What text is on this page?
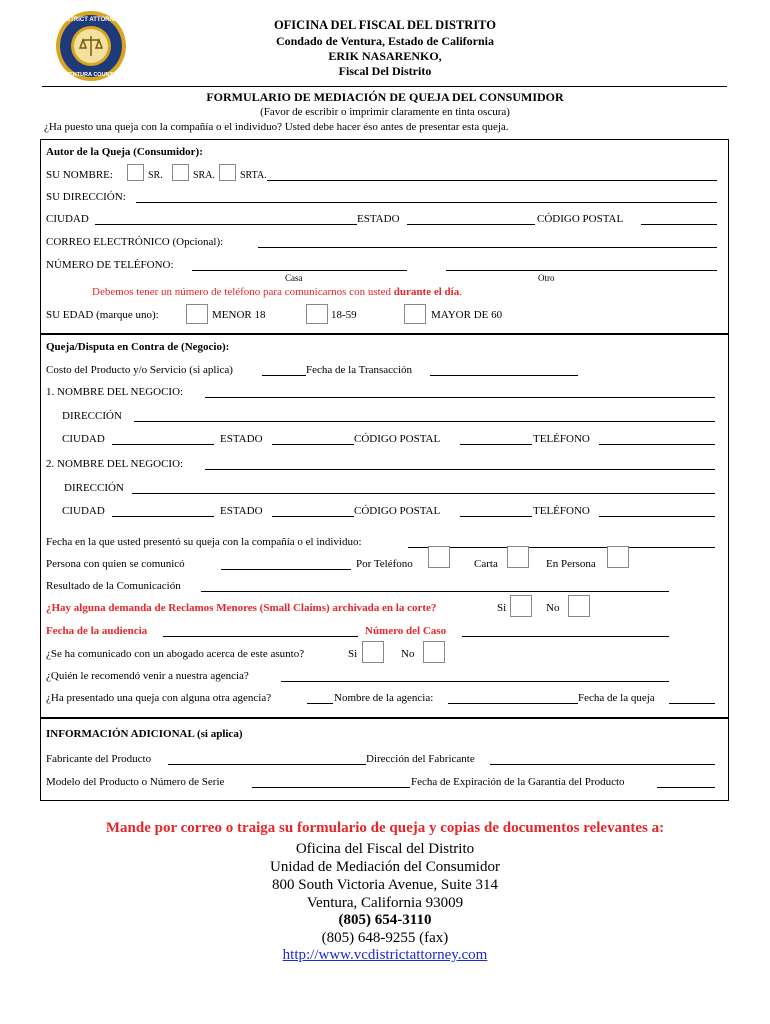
DISTRICT ATTORNEY
VENTURA COUNTY
OFICINA DEL FISCAL DEL DISTRITO
Condado de Ventura, Estado de California
ERIK NASARENKO,
Fiscal Del Distrito
FORMULARIO DE MEDIACIÓN DE QUEJA DEL CONSUMIDOR
(Favor de escribir o imprimir claramente en tinta oscura)
¿Ha puesto una queja con la compañía o el individuo? Usted debe hacer éso antes de presentar esta queja.
Autor de la Queja (Consumidor):
SU NOMBRE:	SR.	SRA.	SRTA.
SU DIRECCIÓN:
CIUDAD	ESTADO	CÓDIGO POSTAL
CORREO ELECTRÓNICO (Opcional):
NÚMERO DE TELÉFONO:
Casa	Otro
Debemos tener un número de teléfono para comunicarnos con usted durante el día.
SU EDAD (marque uno):	MENOR 18	18-59	MAYOR DE 60
Queja/Disputa en Contra de (Negocio):
Costo del Producto y/o Servicio (si aplica)	Fecha de la Transacción
1. NOMBRE DEL NEGOCIO:
DIRECCIÓN
CIUDAD	ESTADO	CÓDIGO POSTAL	TELÉFONO
2. NOMBRE DEL NEGOCIO:
DIRECCIÓN
CIUDAD	ESTADO	CÓDIGO POSTAL	TELÉFONO
Fecha en la que usted presentó su queja con la compañía o el individuo:
Persona con quien se comunicó	Por Teléfono	Carta	En Persona
Resultado de la Comunicación
¿Hay alguna demanda de Reclamos Menores (Small Claims) archivada en la corte?	Si	No
Fecha de la audiencia	Número del Caso
¿Se ha comunicado con un abogado acerca de este asunto?	Si	No
¿Quién le recomendó venir a nuestra agencia?
¿Ha presentado una queja con alguna otra agencia?	Nombre de la agencia:	Fecha de la queja
INFORMACIÓN ADICIONAL (si aplica)
Fabricante del Producto	Dirección del Fabricante
Modelo del Producto o Número de Serie	Fecha de Expiración de la Garantía del Producto
Mande por correo o traiga su formulario de queja y copias de documentos relevantes a:
Oficina del Fiscal del Distrito
Unidad de Mediación del Consumidor
800 South Victoria Avenue, Suite 314
Ventura, California 93009
(805) 654-3110
(805) 648-9255 (fax)
http://www.vcdistrictattorney.com
